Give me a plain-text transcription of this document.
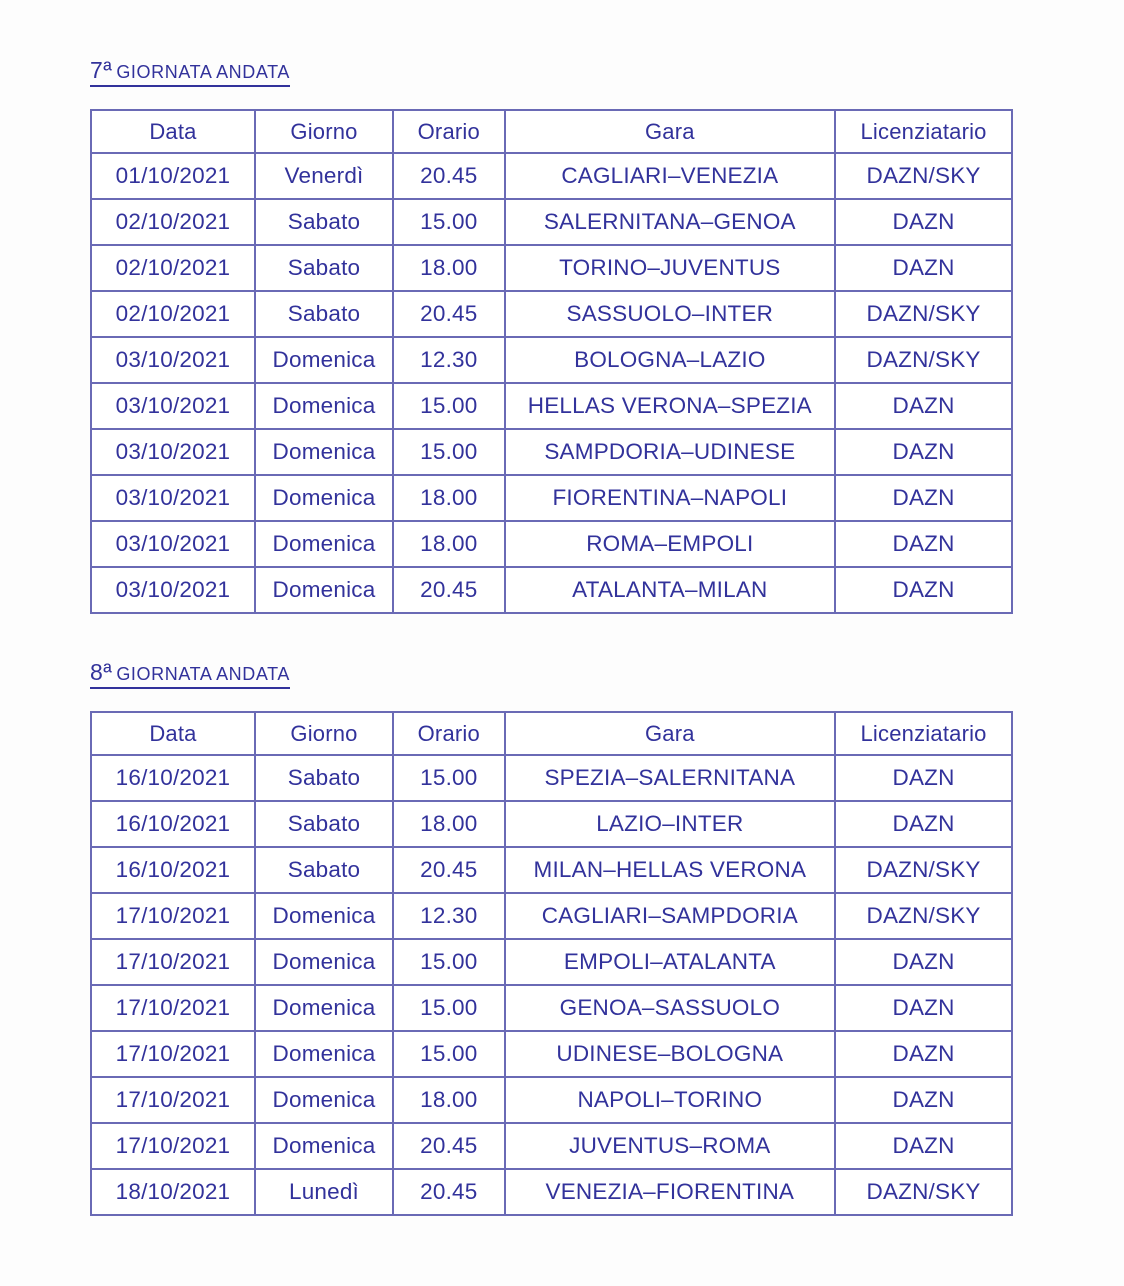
7ª GIORNATA ANDATA
Data	Giorno	Orario	Gara	Licenziatario
01/10/2021	Venerdì	20.45	CAGLIARI–VENEZIA	DAZN/SKY
02/10/2021	Sabato	15.00	SALERNITANA–GENOA	DAZN
02/10/2021	Sabato	18.00	TORINO–JUVENTUS	DAZN
02/10/2021	Sabato	20.45	SASSUOLO–INTER	DAZN/SKY
03/10/2021	Domenica	12.30	BOLOGNA–LAZIO	DAZN/SKY
03/10/2021	Domenica	15.00	HELLAS VERONA–SPEZIA	DAZN
03/10/2021	Domenica	15.00	SAMPDORIA–UDINESE	DAZN
03/10/2021	Domenica	18.00	FIORENTINA–NAPOLI	DAZN
03/10/2021	Domenica	18.00	ROMA–EMPOLI	DAZN
03/10/2021	Domenica	20.45	ATALANTA–MILAN	DAZN
8ª GIORNATA ANDATA
Data	Giorno	Orario	Gara	Licenziatario
16/10/2021	Sabato	15.00	SPEZIA–SALERNITANA	DAZN
16/10/2021	Sabato	18.00	LAZIO–INTER	DAZN
16/10/2021	Sabato	20.45	MILAN–HELLAS VERONA	DAZN/SKY
17/10/2021	Domenica	12.30	CAGLIARI–SAMPDORIA	DAZN/SKY
17/10/2021	Domenica	15.00	EMPOLI–ATALANTA	DAZN
17/10/2021	Domenica	15.00	GENOA–SASSUOLO	DAZN
17/10/2021	Domenica	15.00	UDINESE–BOLOGNA	DAZN
17/10/2021	Domenica	18.00	NAPOLI–TORINO	DAZN
17/10/2021	Domenica	20.45	JUVENTUS–ROMA	DAZN
18/10/2021	Lunedì	20.45	VENEZIA–FIORENTINA	DAZN/SKY
